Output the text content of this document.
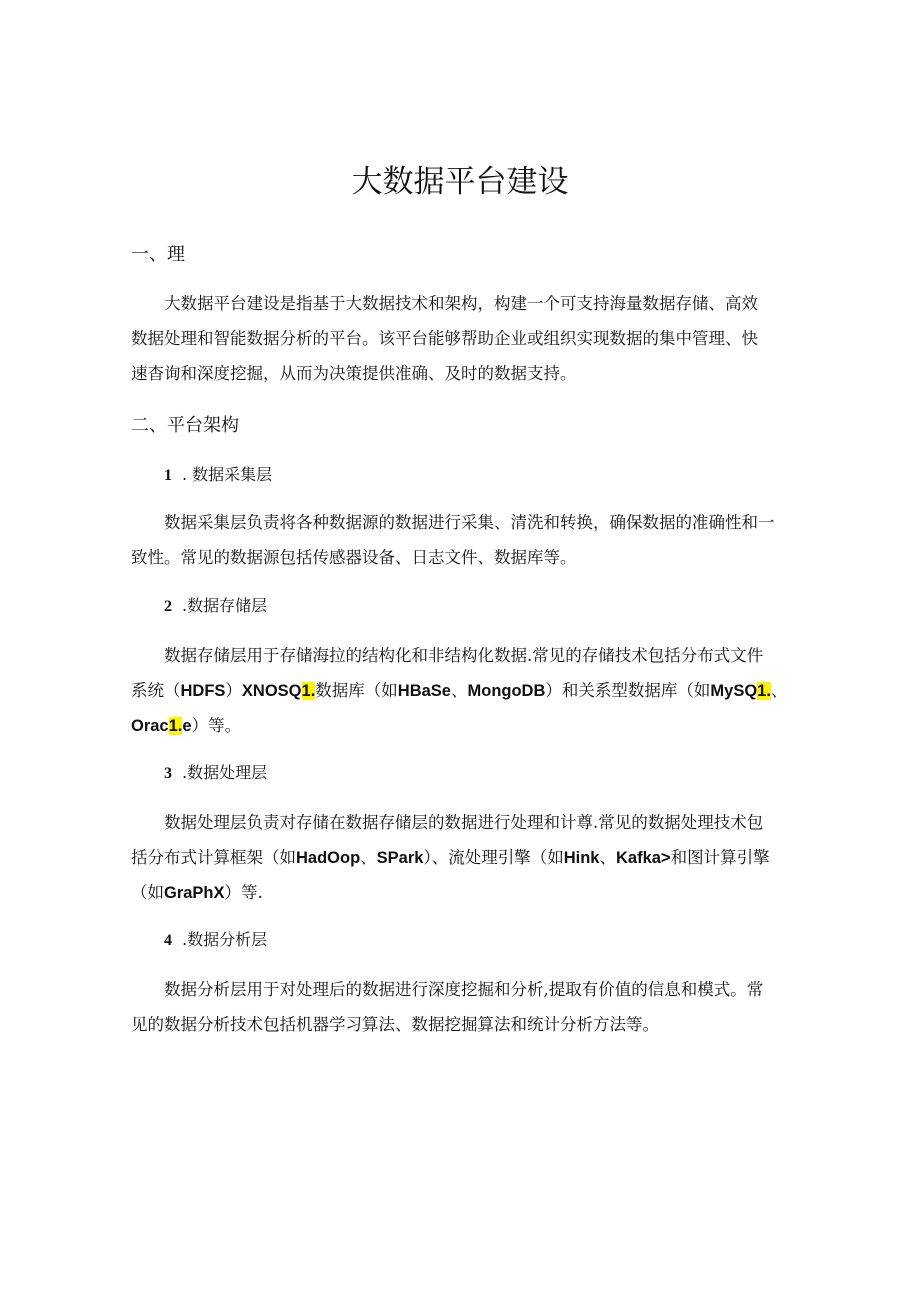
大数据平台建设
一、理
大数据平台建设是指基于大数据技术和架构，构建一个可支持海量数据存储、高效
数据处理和智能数据分析的平台。该平台能够帮助企业或组织实现数据的集中管理、快
速杳询和深度挖掘，从而为决策提供准确、及时的数据支持。
二、平台架构
1 . 数据采集层
数据采集层负责将各种数据源的数据进行采集、清洗和转换，确保数据的准确性和一
致性。常见的数据源包括传感器设备、日志文件、数据库等。
2 .数据存储层
数据存储层用于存储海拉的结构化和非结构化数据.常见的存储技术包括分布式文件
系统（HDFS）XNOSQ1.数据库（如HBaSe、MongoDB）和关系型数据库（如MySQ1.、
Orac1.e）等。
3 .数据处理层
数据处理层负责对存储在数据存储层的数据进行处理和计尊.常见的数据处理技术包
括分布式计算框架（如HadOop、SPark）、流处理引擎（如Hink、Kafka>和图计算引擎
（如GraPhX）等.
4 .数据分析层
数据分析层用于对处理后的数据进行深度挖掘和分析,提取有价值的信息和模式。常
见的数据分析技术包括机器学习算法、数据挖掘算法和统计分析方法等。
